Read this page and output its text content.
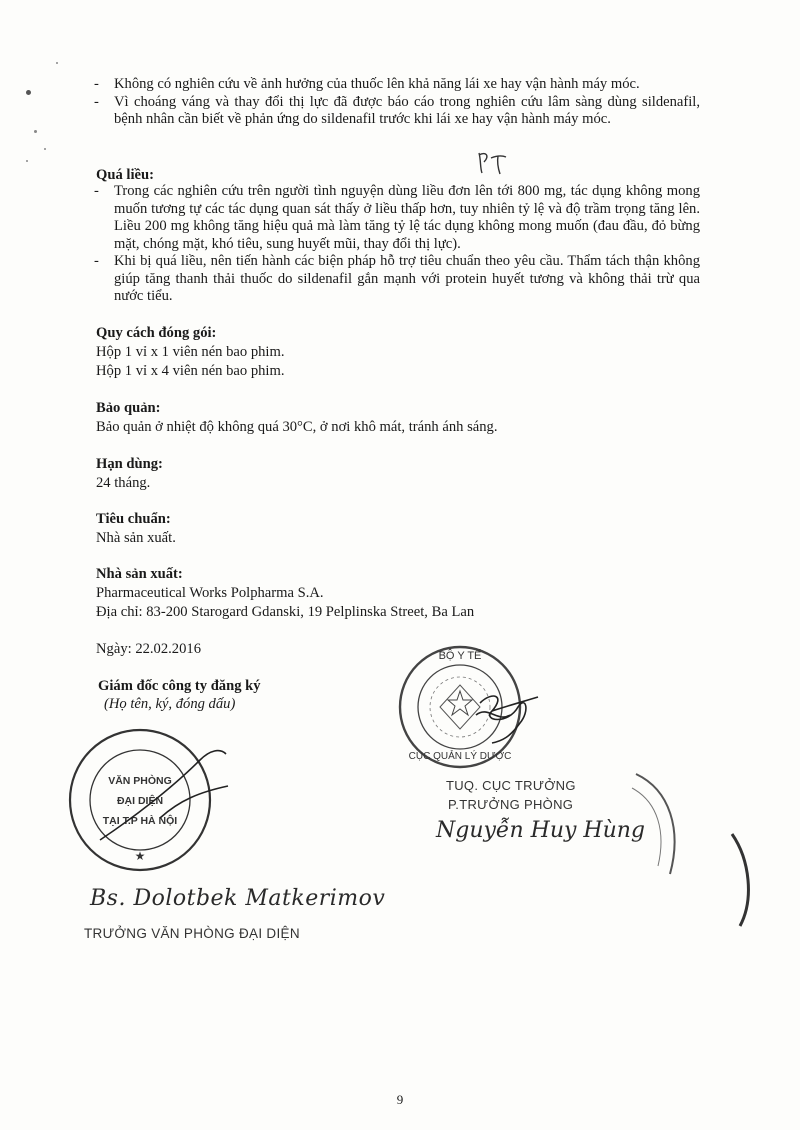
- Không có nghiên cứu về ảnh hưởng của thuốc lên khả năng lái xe hay vận hành máy móc.
- Vì choáng váng và thay đổi thị lực đã được báo cáo trong nghiên cứu lâm sàng dùng sildenafil, bệnh nhân cần biết về phản ứng do sildenafil trước khi lái xe hay vận hành máy móc.
Quá liều:
- Trong các nghiên cứu trên người tình nguyện dùng liều đơn lên tới 800 mg, tác dụng không mong muốn tương tự các tác dụng quan sát thấy ở liều thấp hơn, tuy nhiên tỷ lệ và độ trầm trọng tăng lên. Liều 200 mg không tăng hiệu quả mà làm tăng tỷ lệ tác dụng không mong muốn (đau đầu, đỏ bừng mặt, chóng mặt, khó tiêu, sung huyết mũi, thay đổi thị lực).
- Khi bị quá liều, nên tiến hành các biện pháp hỗ trợ tiêu chuẩn theo yêu cầu. Thẩm tách thận không giúp tăng thanh thải thuốc do sildenafil gắn mạnh với protein huyết tương và không thải trừ qua nước tiểu.
Quy cách đóng gói:
Hộp 1 vỉ x 1 viên nén bao phim.
Hộp 1 vỉ x 4 viên nén bao phim.
Bảo quản:
Bảo quản ở nhiệt độ không quá 30°C, ở nơi khô mát, tránh ánh sáng.
Hạn dùng:
24 tháng.
Tiêu chuẩn:
Nhà sản xuất.
Nhà sản xuất:
Pharmaceutical Works Polpharma S.A.
Địa chỉ: 83-200 Starogard Gdanski, 19 Pelplinska Street, Ba Lan
Ngày: 22.02.2016
Giám đốc công ty đăng ký
(Họ tên, ký, đóng dấu)
BỘ Y TẾ
CỤC QUẢN LÝ DƯỢC
TUQ. CỤC TRƯỞNG
P.TRƯỞNG PHÒNG
Nguyễn Huy Hùng
VĂN PHÒNG
ĐẠI DIỆN
TẠI T.P HÀ NỘI
★
Bs. Dolotbek Matkerimov
TRƯỞNG VĂN PHÒNG ĐẠI DIỆN
9
